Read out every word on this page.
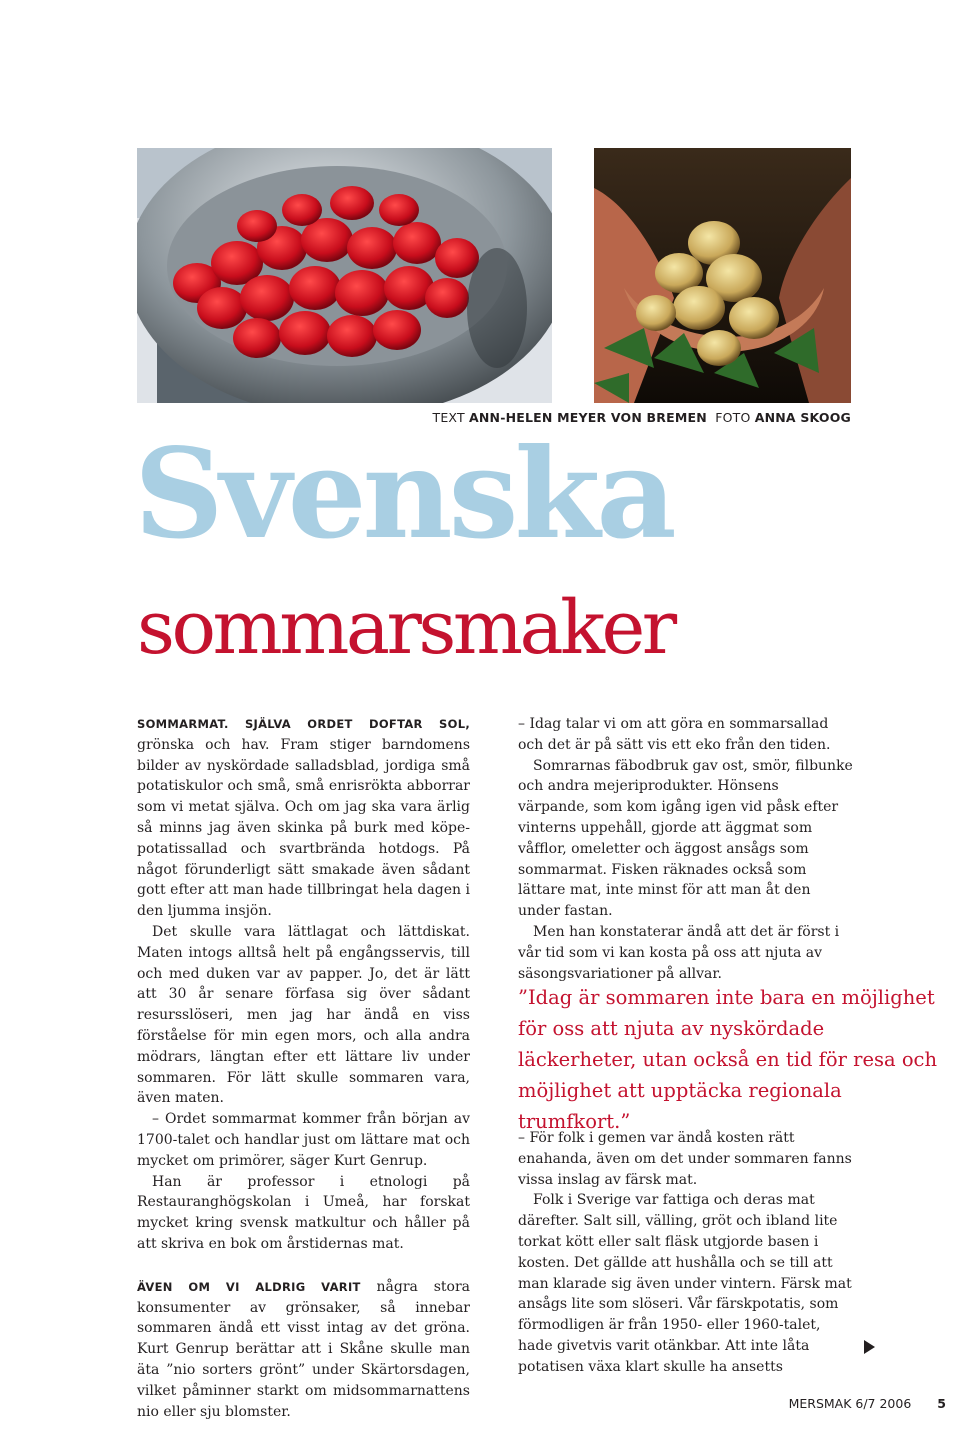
TEXT ANN-HELEN MEYER VON BREMEN FOTO ANNA SKOOG
Svenska
sommarsmaker

SOMMARMAT. SJÄLVA ORDET DOFTAR SOL, grönska och hav. Fram stiger barndomens bilder av nyskördade salladsblad, jordiga små potatiskulor och små, små enrisrökta abborrar som vi metat själva. Och om jag ska vara ärlig så minns jag även skinka på burk med köpe-potatissallad och svartbrända hotdogs. På något förunderligt sätt smakade även sådant gott efter att man hade tillbringat hela dagen i den ljumma insjön.

Det skulle vara lättlagat och lättdiskat. Maten intogs alltså helt på engångsservis, till och med duken var av papper. Jo, det är lätt att 30 år senare förfasa sig över sådant resursslöseri, men jag har ändå en viss förståelse för min egen mors, och alla andra mödrars, längtan efter ett lättare liv under sommaren. För lätt skulle sommaren vara, även maten.

– Ordet sommarmat kommer från början av 1700-talet och handlar just om lättare mat och mycket om primörer, säger Kurt Genrup.

Han är professor i etnologi på Restauranghögskolan i Umeå, har forskat mycket kring svensk matkultur och håller på att skriva en bok om årstidernas mat.

ÄVEN OM VI ALDRIG VARIT några stora konsumenter av grönsaker, så innebar sommaren ändå ett visst intag av det gröna. Kurt Genrup berättar att i Skåne skulle man äta ”nio sorters grönt” under Skärtorsdagen, vilket påminner starkt om midsommarnattens nio eller sju blomster.

– Idag talar vi om att göra en sommarsallad och det är på sätt vis ett eko från den tiden.

Somrarnas fäbodbruk gav ost, smör, filbunke och andra mejeriprodukter. Hönsens värpande, som kom igång igen vid påsk efter vinterns uppehåll, gjorde att äggmat som våfflor, omeletter och äggost ansågs som sommarmat. Fisken räknades också som lättare mat, inte minst för att man åt den under fastan.

Men han konstaterar ändå att det är först i vår tid som vi kan kosta på oss att njuta av säsongsvariationer på allvar.

”Idag är sommaren inte bara en möjlighet för oss att njuta av nyskördade läckerheter, utan också en tid för resa och möjlighet att upptäcka regionala trumfkort.”

– För folk i gemen var ändå kosten rätt enahanda, även om det under sommaren fanns vissa inslag av färsk mat.

Folk i Sverige var fattiga och deras mat därefter. Salt sill, välling, gröt och ibland lite torkat kött eller salt fläsk utgjorde basen i kosten. Det gällde att hushålla och se till att man klarade sig även under vintern. Färsk mat ansågs lite som slöseri. Vår färskpotatis, som förmodligen är från 1950- eller 1960-talet, hade givetvis varit otänkbar. Att inte låta potatisen växa klart skulle ha ansetts

MERSMAK 6/7 2006 5
